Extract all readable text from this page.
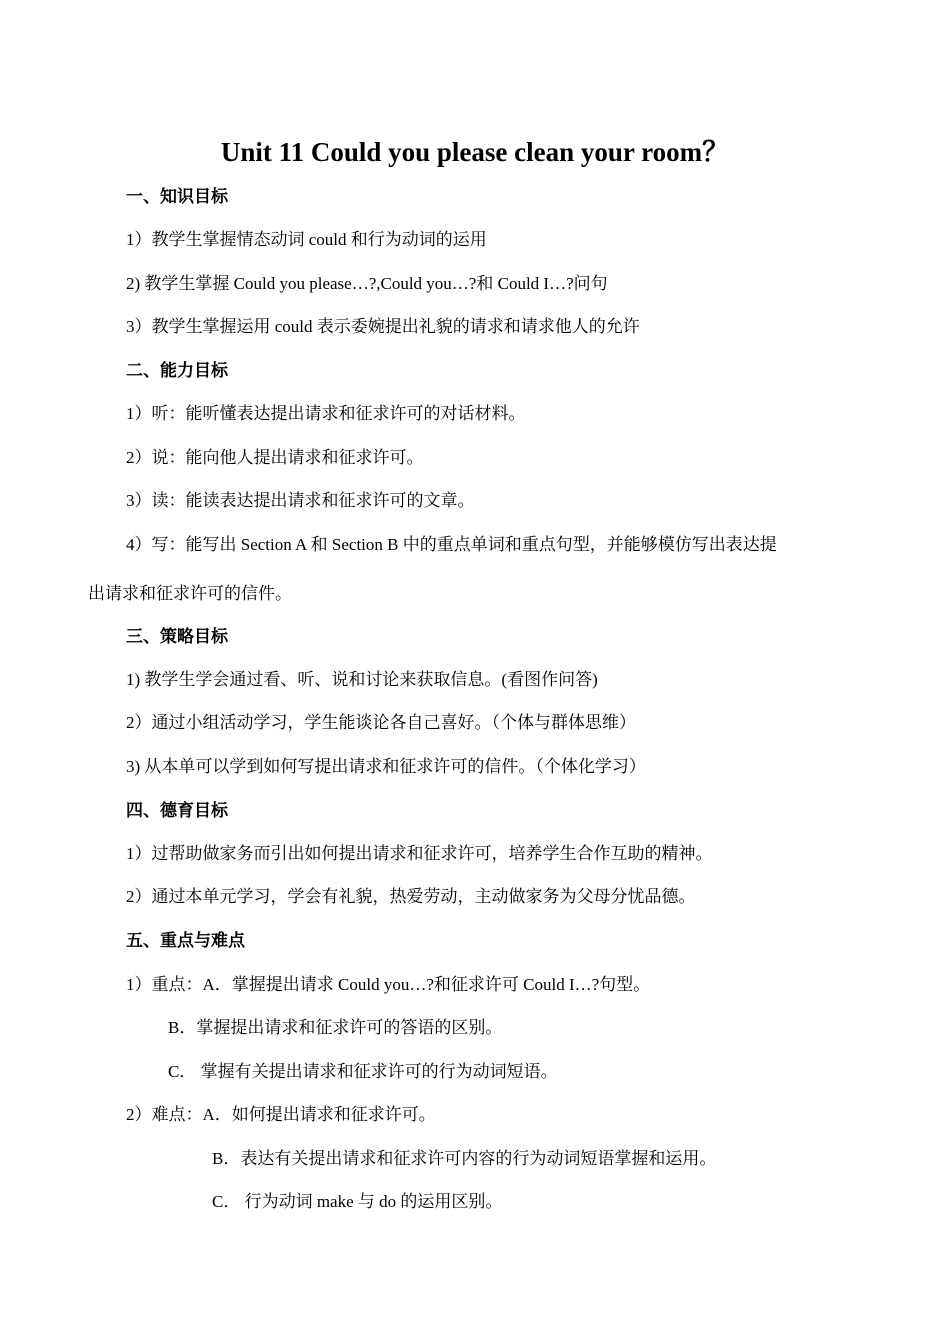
Unit 11 Could you please clean your room？
一、知识目标
1）教学生掌握情态动词 could 和行为动词的运用
2) 教学生掌握 Could you please…?,Could you…?和 Could I…?问句
3）教学生掌握运用 could 表示委婉提出礼貌的请求和请求他人的允许
二、能力目标
1）听：能听懂表达提出请求和征求许可的对话材料。
2）说：能向他人提出请求和征求许可。
3）读：能读表达提出请求和征求许可的文章。
4）写：能写出 Section A 和 Section B 中的重点单词和重点句型，并能够模仿写出表达提
出请求和征求许可的信件。
三、策略目标
1) 教学生学会通过看、听、说和讨论来获取信息。(看图作问答)
2）通过小组活动学习，学生能谈论各自己喜好。（个体与群体思维）
3) 从本单可以学到如何写提出请求和征求许可的信件。（个体化学习）
四、德育目标
1）过帮助做家务而引出如何提出请求和征求许可，培养学生合作互助的精神。
2）通过本单元学习，学会有礼貌，热爱劳动，主动做家务为父母分忧品德。
五、重点与难点
1）重点：A．掌握提出请求 Could you…?和征求许可 Could I…?句型。
B．掌握提出请求和征求许可的答语的区别。
C． 掌握有关提出请求和征求许可的行为动词短语。
2）难点：A．如何提出请求和征求许可。
B．表达有关提出请求和征求许可内容的行为动词短语掌握和运用。
C． 行为动词 make 与 do 的运用区别。
